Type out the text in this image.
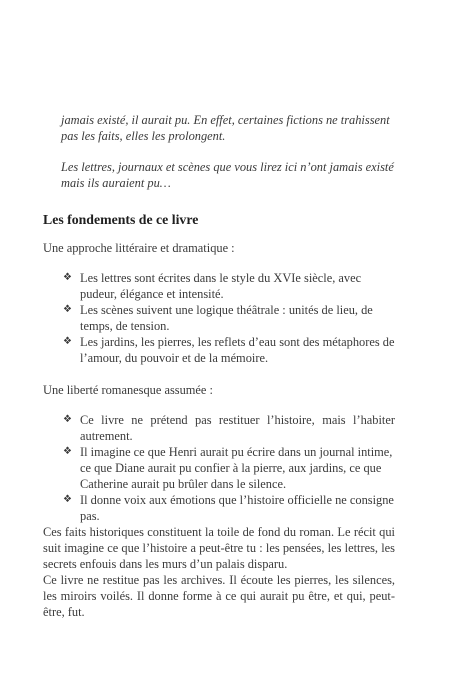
jamais existé, il aurait pu. En effet, certaines fictions ne trahissent pas les faits, elles les prolongent.

Les lettres, journaux et scènes que vous lirez ici n’ont jamais existé mais ils auraient pu…

Les fondements de ce livre

Une approche littéraire et dramatique :

❖ Les lettres sont écrites dans le style du XVIe siècle, avec pudeur, élégance et intensité.
❖ Les scènes suivent une logique théâtrale : unités de lieu, de temps, de tension.
❖ Les jardins, les pierres, les reflets d’eau sont des métaphores de l’amour, du pouvoir et de la mémoire.

Une liberté romanesque assumée :

❖ Ce livre ne prétend pas restituer l’histoire, mais l’habiter autrement.
❖ Il imagine ce que Henri aurait pu écrire dans un journal intime, ce que Diane aurait pu confier à la pierre, aux jardins, ce que Catherine aurait pu brûler dans le silence.
❖ Il donne voix aux émotions que l’histoire officielle ne consigne pas.

Ces faits historiques constituent la toile de fond du roman. Le récit qui suit imagine ce que l’histoire a peut-être tu : les pensées, les lettres, les secrets enfouis dans les murs d’un palais disparu.

Ce livre ne restitue pas les archives. Il écoute les pierres, les silences, les miroirs voilés. Il donne forme à ce qui aurait pu être, et qui, peut-être, fut.
